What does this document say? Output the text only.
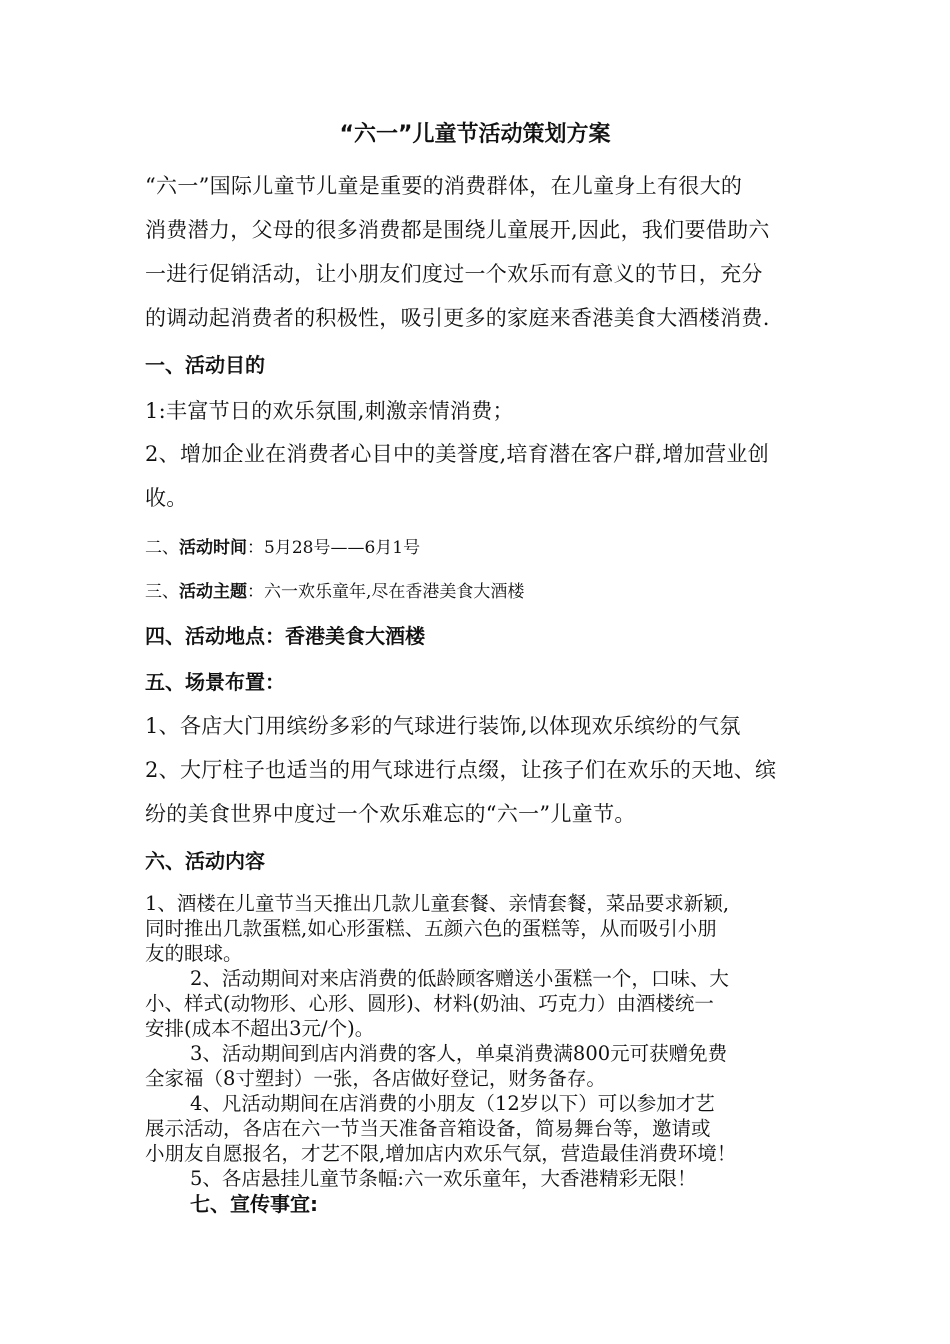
“六一”儿童节活动策划方案
“六一”国际儿童节儿童是重要的消费群体，在儿童身上有很大的
消费潜力，父母的很多消费都是围绕儿童展开,因此，我们要借助六
一进行促销活动，让小朋友们度过一个欢乐而有意义的节日，充分
的调动起消费者的积极性，吸引更多的家庭来香港美食大酒楼消费.
一、活动目的
1:丰富节日的欢乐氛围,刺激亲情消费；
2、增加企业在消费者心目中的美誉度,培育潜在客户群,增加营业创
收。
二、活动时间：5月28号——6月1号
三、活动主题：六一欢乐童年,尽在香港美食大酒楼
四、活动地点：香港美食大酒楼
五、场景布置：
1、各店大门用缤纷多彩的气球进行装饰,以体现欢乐缤纷的气氛
2、大厅柱子也适当的用气球进行点缀，让孩子们在欢乐的天地、缤
纷的美食世界中度过一个欢乐难忘的“六一”儿童节。
六、活动内容
1、酒楼在儿童节当天推出几款儿童套餐、亲情套餐，菜品要求新颖,
同时推出几款蛋糕,如心形蛋糕、五颜六色的蛋糕等，从而吸引小朋
友的眼球。
2、活动期间对来店消费的低龄顾客赠送小蛋糕一个，口味、大
小、样式(动物形、心形、圆形)、材料(奶油、巧克力）由酒楼统一
安排(成本不超出3元/个)。
3、活动期间到店内消费的客人，单桌消费满800元可获赠免费
全家福（8寸塑封）一张，各店做好登记，财务备存。
4、凡活动期间在店消费的小朋友（12岁以下）可以参加才艺
展示活动，各店在六一节当天准备音箱设备，简易舞台等，邀请或
小朋友自愿报名，才艺不限,增加店内欢乐气氛，营造最佳消费环境！
5、各店悬挂儿童节条幅:六一欢乐童年，大香港精彩无限！
七、宣传事宜:
